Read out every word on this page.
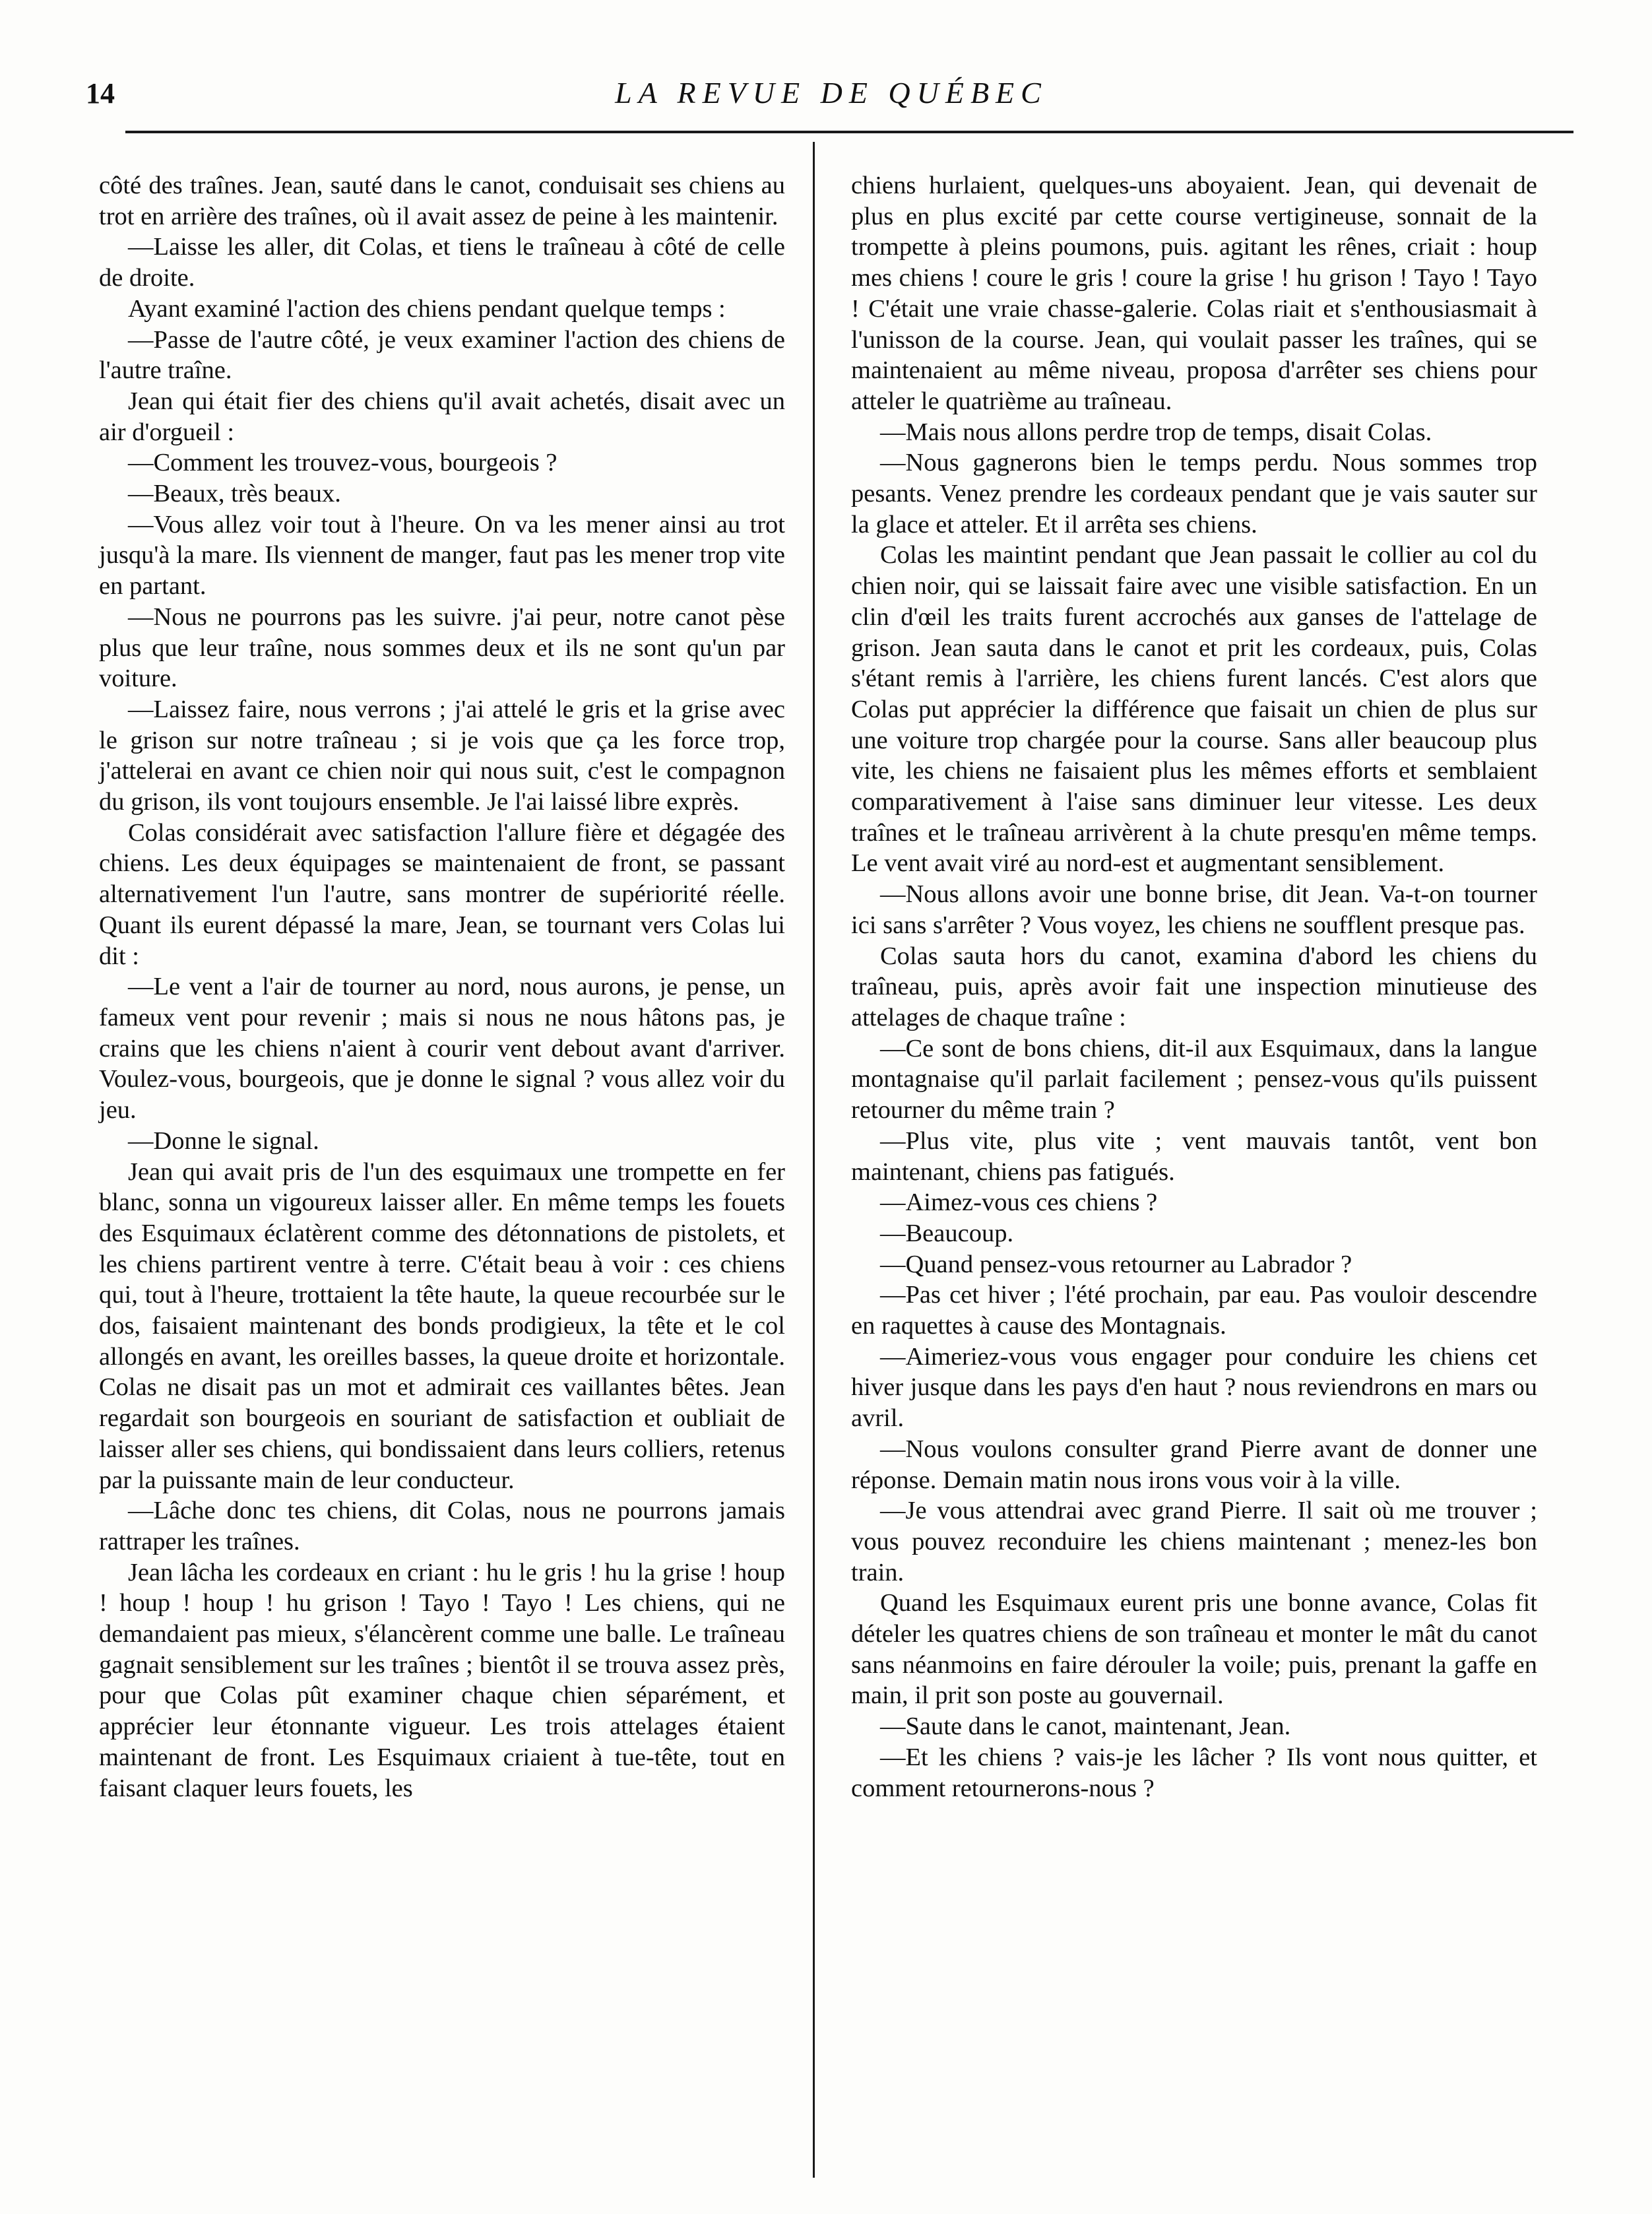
14	LA REVUE DE QUÉBEC

côté des traînes. Jean, sauté dans le canot, conduisait ses chiens au trot en arrière des traînes, où il avait assez de peine à les maintenir.

—Laisse les aller, dit Colas, et tiens le traîneau à côté de celle de droite.

Ayant examiné l'action des chiens pendant quelque temps :

—Passe de l'autre côté, je veux examiner l'action des chiens de l'autre traîne.

Jean qui était fier des chiens qu'il avait achetés, disait avec un air d'orgueil :

—Comment les trouvez-vous, bourgeois ?

—Beaux, très beaux.

—Vous allez voir tout à l'heure. On va les mener ainsi au trot jusqu'à la mare. Ils viennent de manger, faut pas les mener trop vite en partant.

—Nous ne pourrons pas les suivre. j'ai peur, notre canot pèse plus que leur traîne, nous sommes deux et ils ne sont qu'un par voiture.

—Laissez faire, nous verrons ; j'ai attelé le gris et la grise avec le grison sur notre traîneau ; si je vois que ça les force trop, j'attelerai en avant ce chien noir qui nous suit, c'est le compagnon du grison, ils vont toujours ensemble. Je l'ai laissé libre exprès.

Colas considérait avec satisfaction l'allure fière et dégagée des chiens. Les deux équipages se maintenaient de front, se passant alternativement l'un l'autre, sans montrer de supériorité réelle. Quant ils eurent dépassé la mare, Jean, se tournant vers Colas lui dit :

—Le vent a l'air de tourner au nord, nous aurons, je pense, un fameux vent pour revenir ; mais si nous ne nous hâtons pas, je crains que les chiens n'aient à courir vent debout avant d'arriver. Voulez-vous, bourgeois, que je donne le signal ? vous allez voir du jeu.

—Donne le signal.

Jean qui avait pris de l'un des esquimaux une trompette en fer blanc, sonna un vigoureux laisser aller. En même temps les fouets des Esquimaux éclatèrent comme des détonnations de pistolets, et les chiens partirent ventre à terre. C'était beau à voir : ces chiens qui, tout à l'heure, trottaient la tête haute, la queue recourbée sur le dos, faisaient maintenant des bonds prodigieux, la tête et le col allongés en avant, les oreilles basses, la queue droite et horizontale. Colas ne disait pas un mot et admirait ces vaillantes bêtes. Jean regardait son bourgeois en souriant de satisfaction et oubliait de laisser aller ses chiens, qui bondissaient dans leurs colliers, retenus par la puissante main de leur conducteur.

—Lâche donc tes chiens, dit Colas, nous ne pourrons jamais rattraper les traînes.

Jean lâcha les cordeaux en criant : hu le gris ! hu la grise ! houp ! houp ! houp ! hu grison ! Tayo ! Tayo ! Les chiens, qui ne demandaient pas mieux, s'élancèrent comme une balle. Le traîneau gagnait sensiblement sur les traînes ; bientôt il se trouva assez près, pour que Colas pût examiner chaque chien séparément, et apprécier leur étonnante vigueur. Les trois attelages étaient maintenant de front. Les Esquimaux criaient à tue-tête, tout en faisant claquer leurs fouets, les

chiens hurlaient, quelques-uns aboyaient. Jean, qui devenait de plus en plus excité par cette course vertigineuse, sonnait de la trompette à pleins poumons, puis. agitant les rênes, criait : houp mes chiens ! coure le gris ! coure la grise ! hu grison ! Tayo ! Tayo ! C'était une vraie chasse-galerie. Colas riait et s'enthousiasmait à l'unisson de la course. Jean, qui voulait passer les traînes, qui se maintenaient au même niveau, proposa d'arrêter ses chiens pour atteler le quatrième au traîneau.

—Mais nous allons perdre trop de temps, disait Colas.

—Nous gagnerons bien le temps perdu. Nous sommes trop pesants. Venez prendre les cordeaux pendant que je vais sauter sur la glace et atteler. Et il arrêta ses chiens.

Colas les maintint pendant que Jean passait le collier au col du chien noir, qui se laissait faire avec une visible satisfaction. En un clin d'œil les traits furent accrochés aux ganses de l'attelage de grison. Jean sauta dans le canot et prit les cordeaux, puis, Colas s'étant remis à l'arrière, les chiens furent lancés. C'est alors que Colas put apprécier la différence que faisait un chien de plus sur une voiture trop chargée pour la course. Sans aller beaucoup plus vite, les chiens ne faisaient plus les mêmes efforts et semblaient comparativement à l'aise sans diminuer leur vitesse. Les deux traînes et le traîneau arrivèrent à la chute presqu'en même temps. Le vent avait viré au nord-est et augmentant sensiblement.

—Nous allons avoir une bonne brise, dit Jean. Va-t-on tourner ici sans s'arrêter ? Vous voyez, les chiens ne soufflent presque pas.

Colas sauta hors du canot, examina d'abord les chiens du traîneau, puis, après avoir fait une inspection minutieuse des attelages de chaque traîne :

—Ce sont de bons chiens, dit-il aux Esquimaux, dans la langue montagnaise qu'il parlait facilement ; pensez-vous qu'ils puissent retourner du même train ?

—Plus vite, plus vite ; vent mauvais tantôt, vent bon maintenant, chiens pas fatigués.

—Aimez-vous ces chiens ?

—Beaucoup.

—Quand pensez-vous retourner au Labrador ?

—Pas cet hiver ; l'été prochain, par eau. Pas vouloir descendre en raquettes à cause des Montagnais.

—Aimeriez-vous vous engager pour conduire les chiens cet hiver jusque dans les pays d'en haut ? nous reviendrons en mars ou avril.

—Nous voulons consulter grand Pierre avant de donner une réponse. Demain matin nous irons vous voir à la ville.

—Je vous attendrai avec grand Pierre. Il sait où me trouver ; vous pouvez reconduire les chiens maintenant ; menez-les bon train.

Quand les Esquimaux eurent pris une bonne avance, Colas fit dételer les quatres chiens de son traîneau et monter le mât du canot sans néanmoins en faire dérouler la voile; puis, prenant la gaffe en main, il prit son poste au gouvernail.

—Saute dans le canot, maintenant, Jean.

—Et les chiens ? vais-je les lâcher ? Ils vont nous quitter, et comment retournerons-nous ?
